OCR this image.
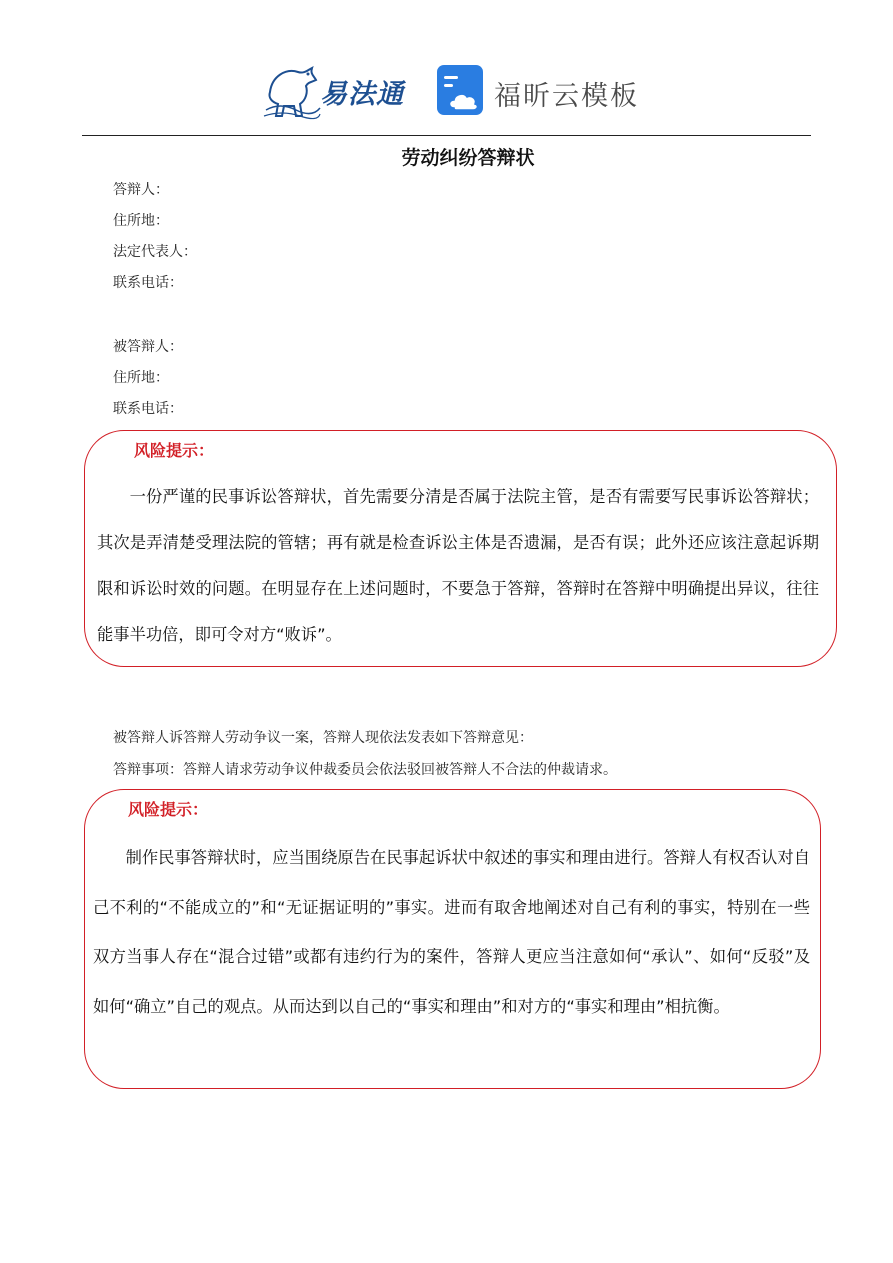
易法通	福昕云模板
劳动纠纷答辩状
答辩人：
住所地：
法定代表人：
联系电话：
被答辩人：
住所地：
联系电话：
风险提示：
一份严谨的民事诉讼答辩状，首先需要分清是否属于法院主管，是否有需要写民事诉讼答辩状；其次是弄清楚受理法院的管辖；再有就是检查诉讼主体是否遗漏，是否有误；此外还应该注意起诉期限和诉讼时效的问题。在明显存在上述问题时，不要急于答辩，答辩时在答辩中明确提出异议，往往能事半功倍，即可令对方“败诉”。
被答辩人诉答辩人劳动争议一案，答辩人现依法发表如下答辩意见：
答辩事项：答辩人请求劳动争议仲裁委员会依法驳回被答辩人不合法的仲裁请求。
风险提示：
制作民事答辩状时，应当围绕原告在民事起诉状中叙述的事实和理由进行。答辩人有权否认对自己不利的“不能成立的”和“无证据证明的”事实。进而有取舍地阐述对自己有利的事实，特别在一些双方当事人存在“混合过错”或都有违约行为的案件，答辩人更应当注意如何“承认”、如何“反驳”及如何“确立”自己的观点。从而达到以自己的“事实和理由”和对方的“事实和理由”相抗衡。
